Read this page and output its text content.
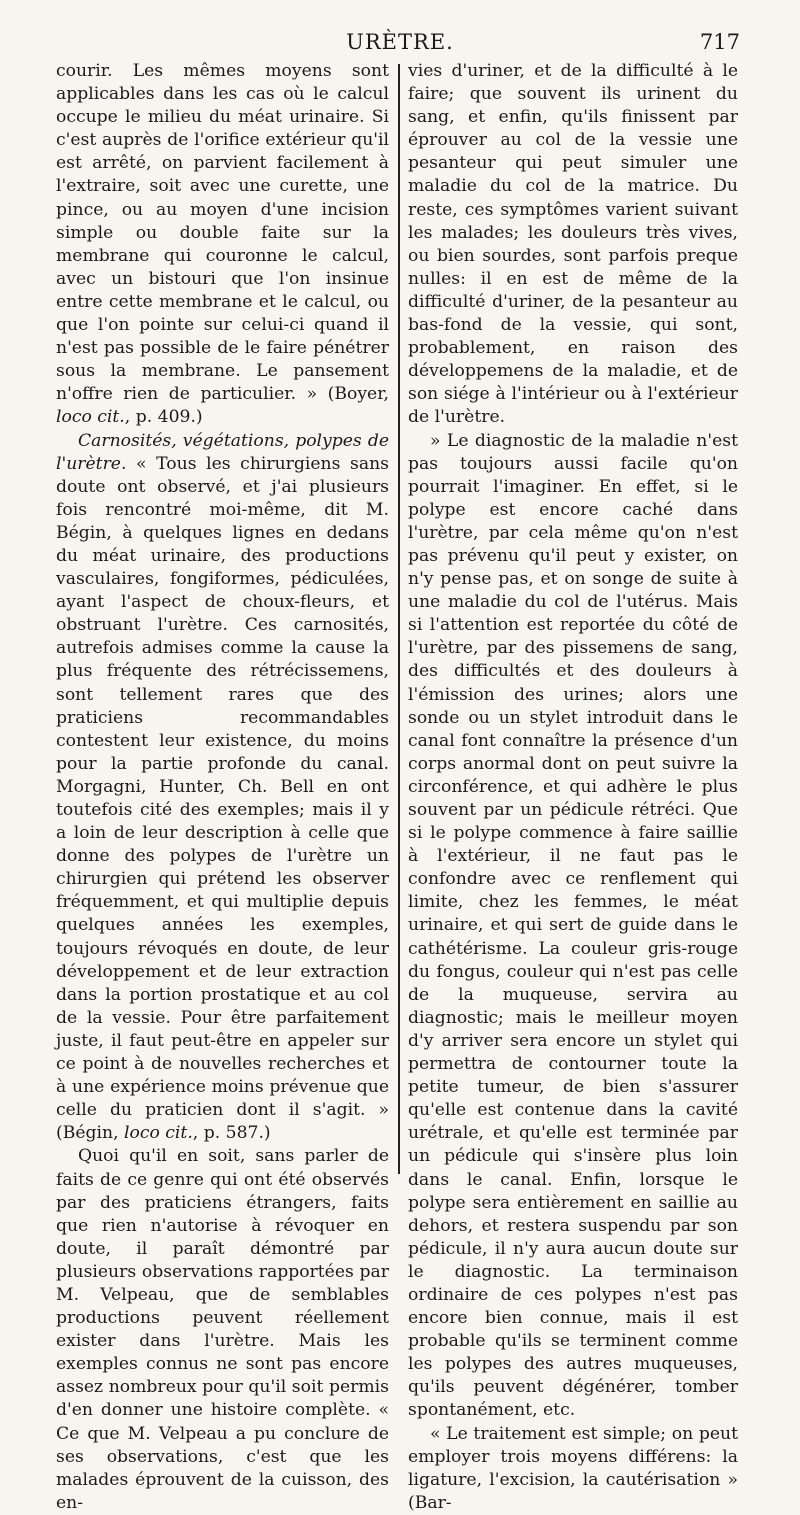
URÈTRE.	717

courir. Les mêmes moyens sont applicables dans les cas où le calcul occupe le milieu du méat urinaire. Si c'est auprès de l'orifice extérieur qu'il est arrêté, on parvient facilement à l'extraire, soit avec une curette, une pince, ou au moyen d'une incision simple ou double faite sur la membrane qui couronne le calcul, avec un bistouri que l'on insinue entre cette membrane et le calcul, ou que l'on pointe sur celui-ci quand il n'est pas possible de le faire pénétrer sous la membrane. Le pansement n'offre rien de particulier. » (Boyer, loco cit., p. 409.)

Carnosités, végétations, polypes de l'urètre. « Tous les chirurgiens sans doute ont observé, et j'ai plusieurs fois rencontré moi-même, dit M. Bégin, à quelques lignes en dedans du méat urinaire, des productions vasculaires, fongiformes, pédiculées, ayant l'aspect de choux-fleurs, et obstruant l'urètre. Ces carnosités, autrefois admises comme la cause la plus fréquente des rétrécissemens, sont tellement rares que des praticiens recommandables contestent leur existence, du moins pour la partie profonde du canal. Morgagni, Hunter, Ch. Bell en ont toutefois cité des exemples; mais il y a loin de leur description à celle que donne des polypes de l'urètre un chirurgien qui prétend les observer fréquemment, et qui multiplie depuis quelques années les exemples, toujours révoqués en doute, de leur développement et de leur extraction dans la portion prostatique et au col de la vessie. Pour être parfaitement juste, il faut peut-être en appeler sur ce point à de nouvelles recherches et à une expérience moins prévenue que celle du praticien dont il s'agit. » (Bégin, loco cit., p. 587.)

Quoi qu'il en soit, sans parler de faits de ce genre qui ont été observés par des praticiens étrangers, faits que rien n'autorise à révoquer en doute, il paraît démontré par plusieurs observations rapportées par M. Velpeau, que de semblables productions peuvent réellement exister dans l'urètre. Mais les exemples connus ne sont pas encore assez nombreux pour qu'il soit permis d'en donner une histoire complète. « Ce que M. Velpeau a pu conclure de ses observations, c'est que les malades éprouvent de la cuisson, des en-

vies d'uriner, et de la difficulté à le faire; que souvent ils urinent du sang, et enfin, qu'ils finissent par éprouver au col de la vessie une pesanteur qui peut simuler une maladie du col de la matrice. Du reste, ces symptômes varient suivant les malades; les douleurs très vives, ou bien sourdes, sont parfois preque nulles: il en est de même de la difficulté d'uriner, de la pesanteur au bas-fond de la vessie, qui sont, probablement, en raison des développemens de la maladie, et de son siége à l'intérieur ou à l'extérieur de l'urètre.

» Le diagnostic de la maladie n'est pas toujours aussi facile qu'on pourrait l'imaginer. En effet, si le polype est encore caché dans l'urètre, par cela même qu'on n'est pas prévenu qu'il peut y exister, on n'y pense pas, et on songe de suite à une maladie du col de l'utérus. Mais si l'attention est reportée du côté de l'urètre, par des pissemens de sang, des difficultés et des douleurs à l'émission des urines; alors une sonde ou un stylet introduit dans le canal font connaître la présence d'un corps anormal dont on peut suivre la circonférence, et qui adhère le plus souvent par un pédicule rétréci. Que si le polype commence à faire saillie à l'extérieur, il ne faut pas le confondre avec ce renflement qui limite, chez les femmes, le méat urinaire, et qui sert de guide dans le cathétérisme. La couleur gris-rouge du fongus, couleur qui n'est pas celle de la muqueuse, servira au diagnostic; mais le meilleur moyen d'y arriver sera encore un stylet qui permettra de contourner toute la petite tumeur, de bien s'assurer qu'elle est contenue dans la cavité urétrale, et qu'elle est terminée par un pédicule qui s'insère plus loin dans le canal. Enfin, lorsque le polype sera entièrement en saillie au dehors, et restera suspendu par son pédicule, il n'y aura aucun doute sur le diagnostic. La terminaison ordinaire de ces polypes n'est pas encore bien connue, mais il est probable qu'ils se terminent comme les polypes des autres muqueuses, qu'ils peuvent dégénérer, tomber spontanément, etc.

« Le traitement est simple; on peut employer trois moyens différens: la ligature, l'excision, la cautérisation » (Bar-
